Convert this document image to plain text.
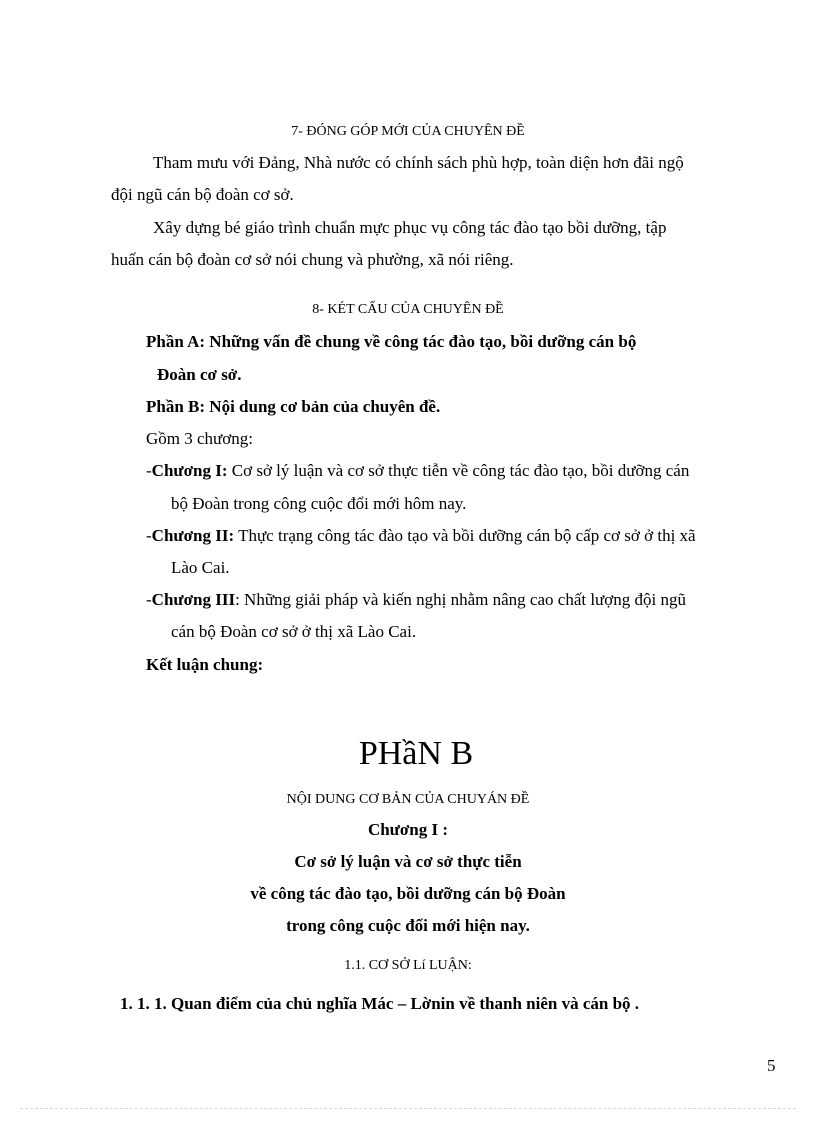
7- ĐÓNG GÓP MỚI CỦA CHUYÊN ĐỀ
Tham mưu với Đảng, Nhà nước có chính sách phù hợp, toàn diện hơn đãi ngộ
đội ngũ cán bộ đoàn cơ sở.
Xây dựng bé giáo trình chuẩn mực phục vụ công tác đào tạo bồi dưỡng, tập
huấn cán bộ đoàn cơ sở nói chung và phường, xã nói riêng.
8- KÉT CẤU CỦA CHUYÊN ĐỀ
Phần A: Những vấn đề chung về công tác đào tạo, bồi dưỡng cán bộ
Đoàn cơ sở.
Phần B: Nội dung cơ bản của chuyên đề.
Gồm 3 chương:
-Chương I: Cơ sở lý luận và cơ sở thực tiễn về công tác đào tạo, bồi dưỡng cán
bộ Đoàn trong công cuộc đổi mới hôm nay.
-Chương II: Thực trạng công tác đào tạo và bồi dưỡng cán bộ cấp cơ sở ở thị xã
Lào Cai.
-Chương III: Những giải pháp và kiến nghị nhằm nâng cao chất lượng đội ngũ
cán bộ Đoàn cơ sở ở thị xã Lào Cai.
Kết luận chung:
PHầN B
NỘI DUNG CƠ BẢN CỦA CHUYÁN ĐỀ
Chương I :
Cơ sở lý luận và cơ sở thực tiễn
về công tác đào tạo, bồi dưỡng cán bộ Đoàn
trong công cuộc đổi mới hiện nay.
1.1. CƠ SỞ Lí LUẬN:
1. 1. 1. Quan điểm của chủ nghĩa Mác – Lờnin về thanh niên và cán bộ .
5
